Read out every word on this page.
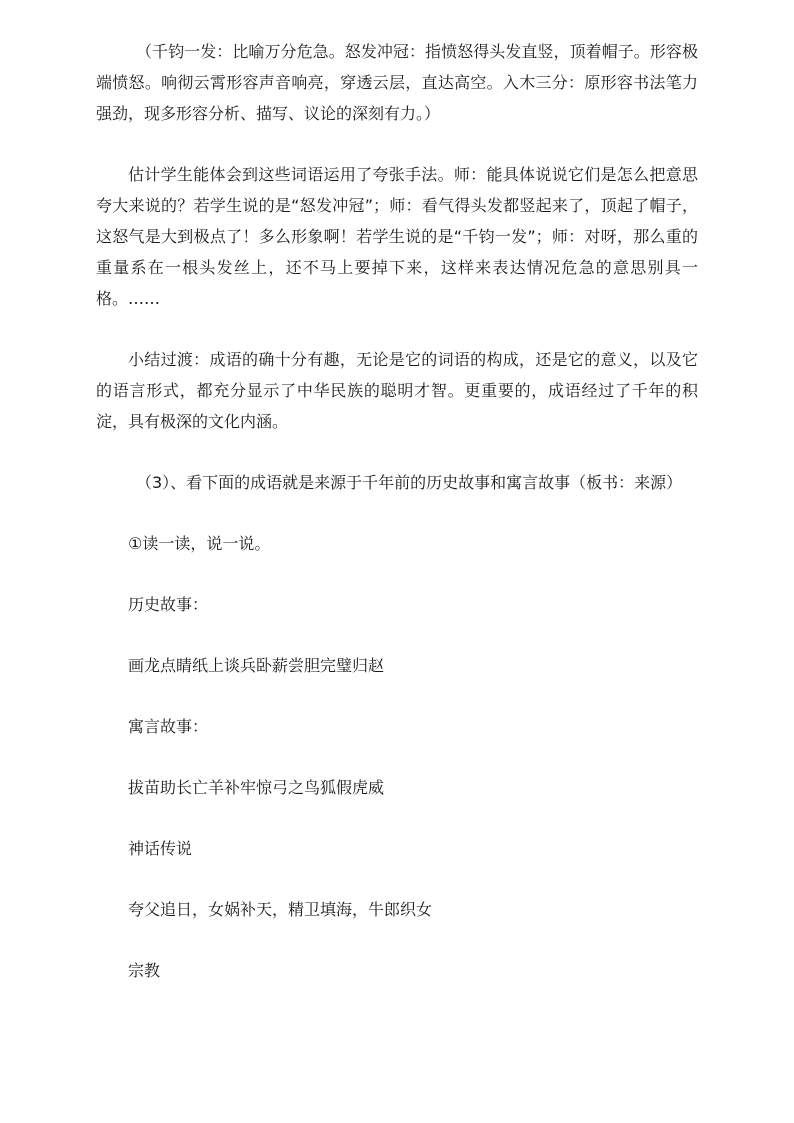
（千钧一发：比喻万分危急。怒发冲冠：指愤怒得头发直竖，顶着帽子。形容极端愤怒。响彻云霄形容声音响亮，穿透云层，直达高空。入木三分：原形容书法笔力强劲，现多形容分析、描写、议论的深刻有力。）

估计学生能体会到这些词语运用了夸张手法。师：能具体说说它们是怎么把意思夸大来说的？若学生说的是“怒发冲冠”；师：看气得头发都竖起来了，顶起了帽子，这怒气是大到极点了！多么形象啊！若学生说的是“千钧一发”；师：对呀，那么重的重量系在一根头发丝上，还不马上要掉下来，这样来表达情况危急的意思别具一格。……

小结过渡：成语的确十分有趣，无论是它的词语的构成，还是它的意义，以及它的语言形式，都充分显示了中华民族的聪明才智。更重要的，成语经过了千年的积淀，具有极深的文化内涵。

（3）、看下面的成语就是来源于千年前的历史故事和寓言故事（板书：来源）

①读一读，说一说。

历史故事：

画龙点睛纸上谈兵卧薪尝胆完璧归赵

寓言故事：

拔苗助长亡羊补牢惊弓之鸟狐假虎威

神话传说

夸父追日，女娲补天，精卫填海，牛郎织女

宗教
